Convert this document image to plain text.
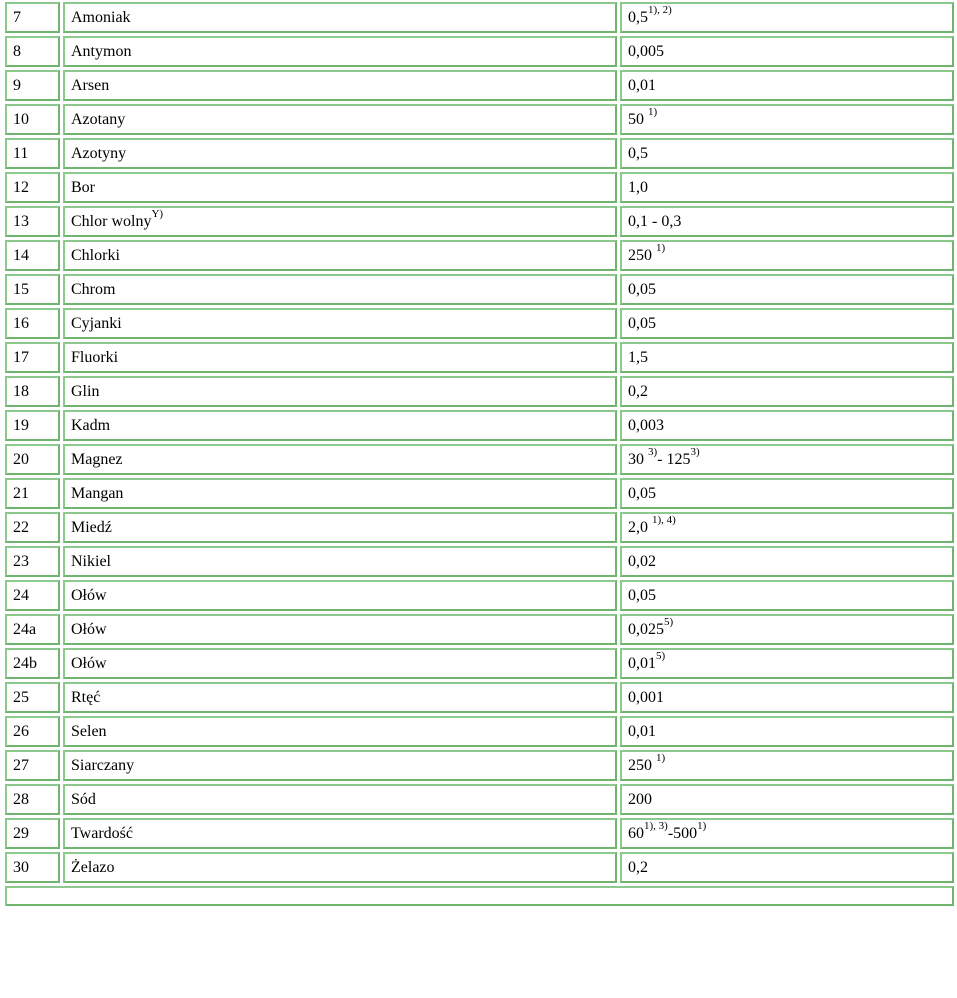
7	Amoniak	$0,5^{1), 2)}$
8	Antymon	0,005
9	Arsen	0,01
10	Azotany	50 $^{1)}$
11	Azotyny	0,5
12	Bor	1,0
13	Chlor wolny$^{Y)}$	0,1 - 0,3
14	Chlorki	250 $^{1)}$
15	Chrom	0,05
16	Cyjanki	0,05
17	Fluorki	1,5
18	Glin	0,2
19	Kadm	0,003
20	Magnez	30 $^{3)}$- 125$^{3)}$
21	Mangan	0,05
22	Miedź	2,0 $^{1), 4)}$
23	Nikiel	0,02
24	Ołów	0,05
24a	Ołów	0,025$^{5)}$
24b	Ołów	0,01$^{5)}$
25	Rtęć	0,001
26	Selen	0,01
27	Siarczany	250 $^{1)}$
28	Sód	200
29	Twardość	$60^{1), 3)}-500^{1)}$
30	Żelazo	0,2
